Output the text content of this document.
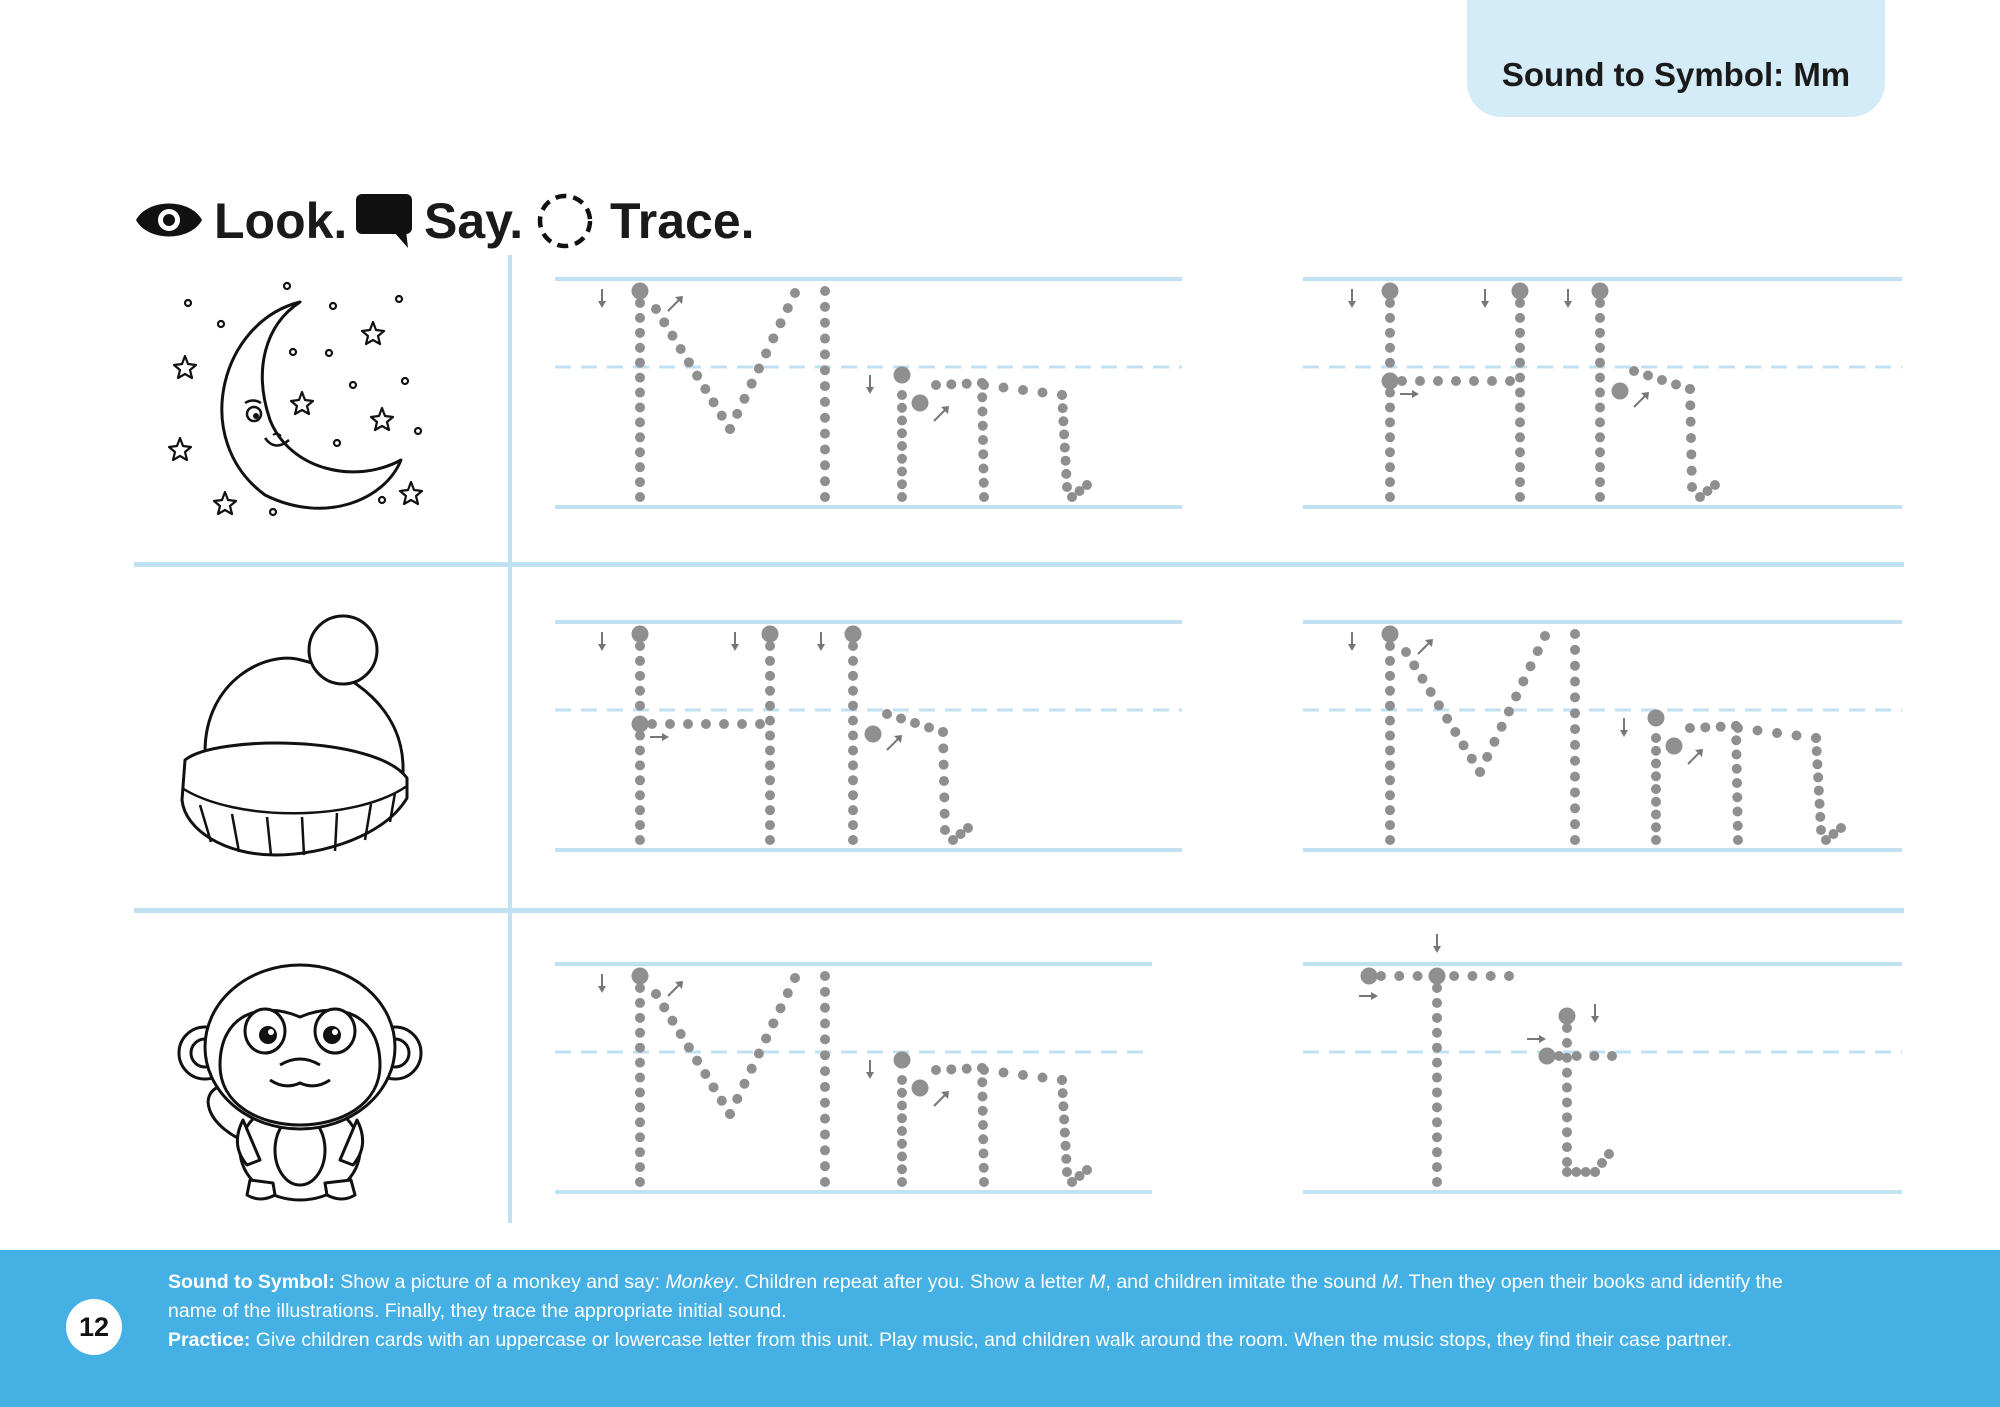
Sound to Symbol: Mm
Look. Say. Trace.
12
Sound to Symbol: Show a picture of a monkey and say: Monkey. Children repeat after you. Show a letter M, and children imitate the sound M. Then they open their books and identify the name of the illustrations. Finally, they trace the appropriate initial sound.
Practice: Give children cards with an uppercase or lowercase letter from this unit. Play music, and children walk around the room. When the music stops, they find their case partner.
